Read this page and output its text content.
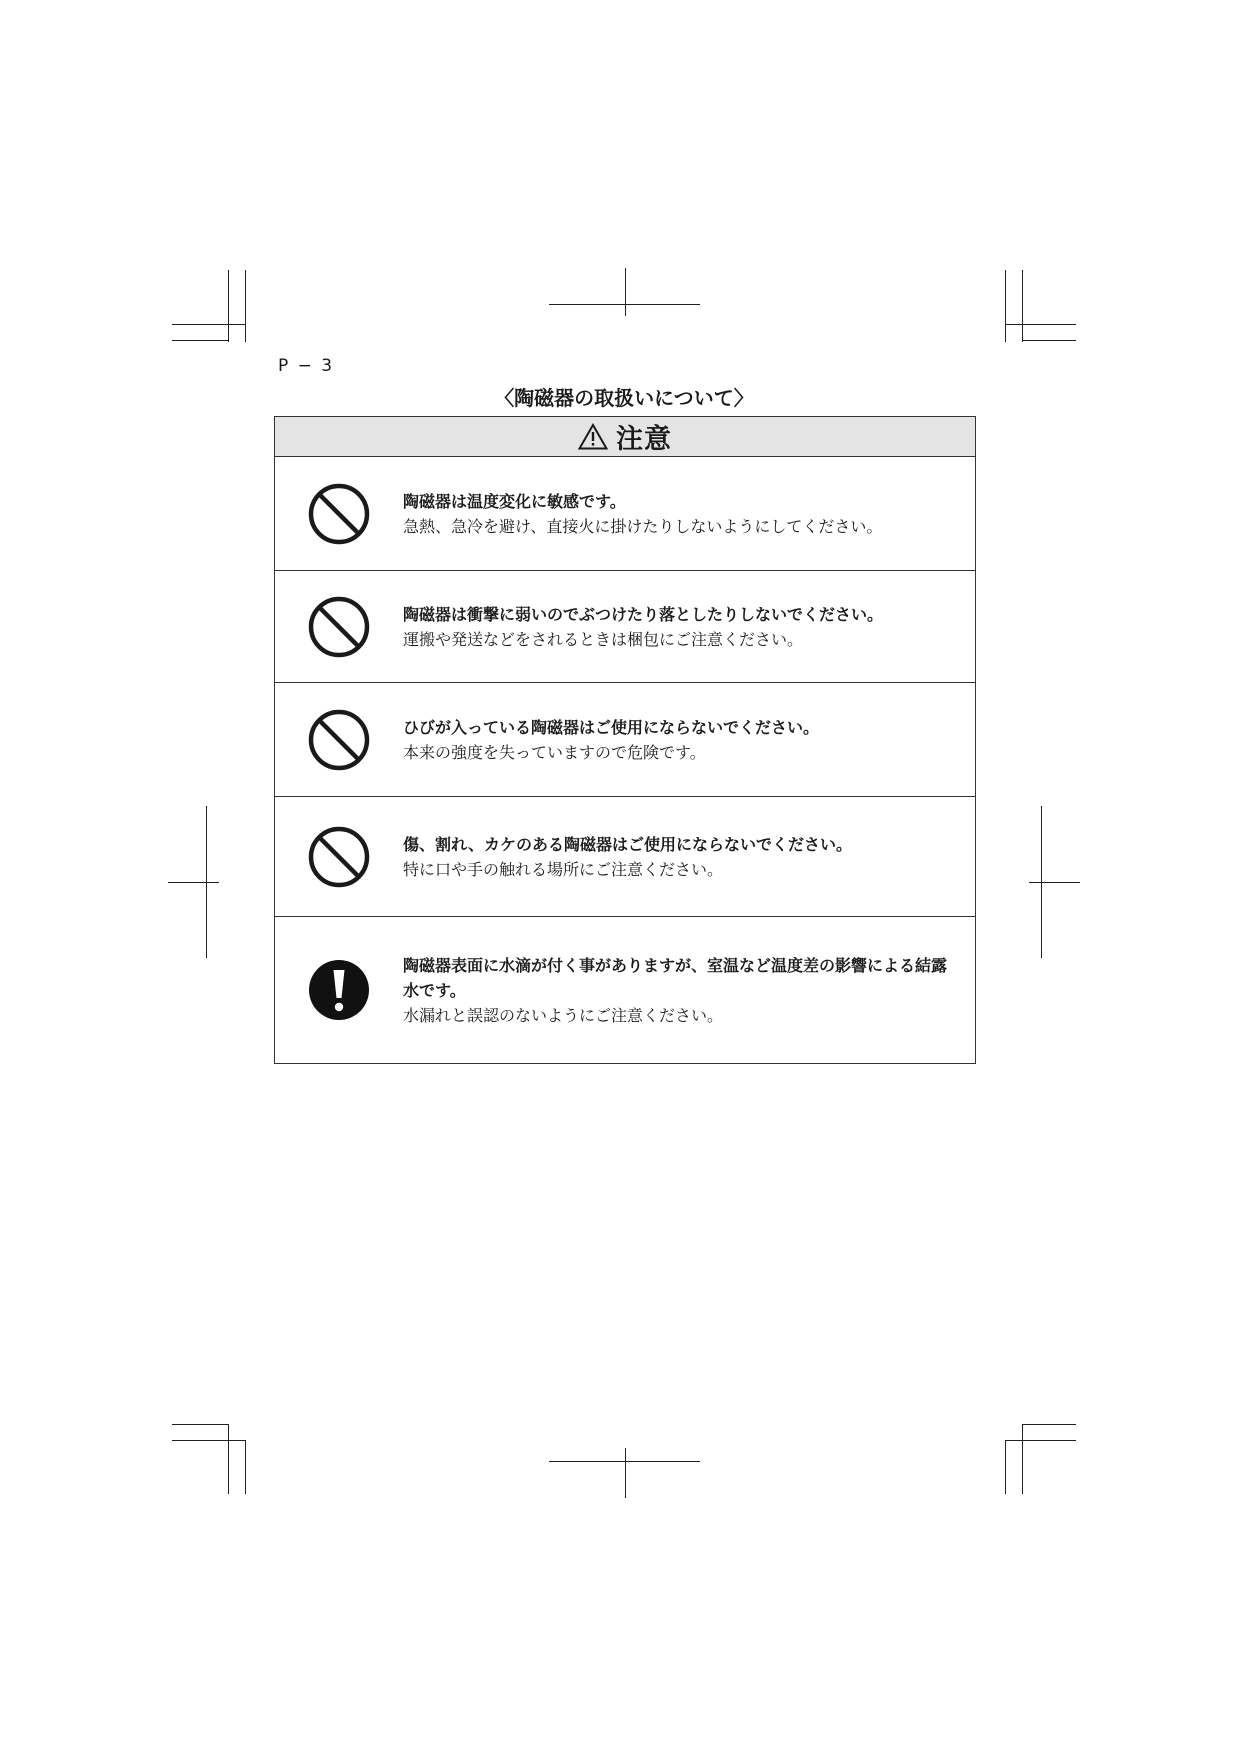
P − 3
〈陶磁器の取扱いについて〉
注意
陶磁器は温度変化に敏感です。
急熱、急冷を避け、直接火に掛けたりしないようにしてください。
陶磁器は衝撃に弱いのでぶつけたり落としたりしないでください。
運搬や発送などをされるときは梱包にご注意ください。
ひびが入っている陶磁器はご使用にならないでください。
本来の強度を失っていますので危険です。
傷、割れ、カケのある陶磁器はご使用にならないでください。
特に口や手の触れる場所にご注意ください。
陶磁器表面に水滴が付く事がありますが、室温など温度差の影響による結露水です。
水漏れと誤認のないようにご注意ください。
